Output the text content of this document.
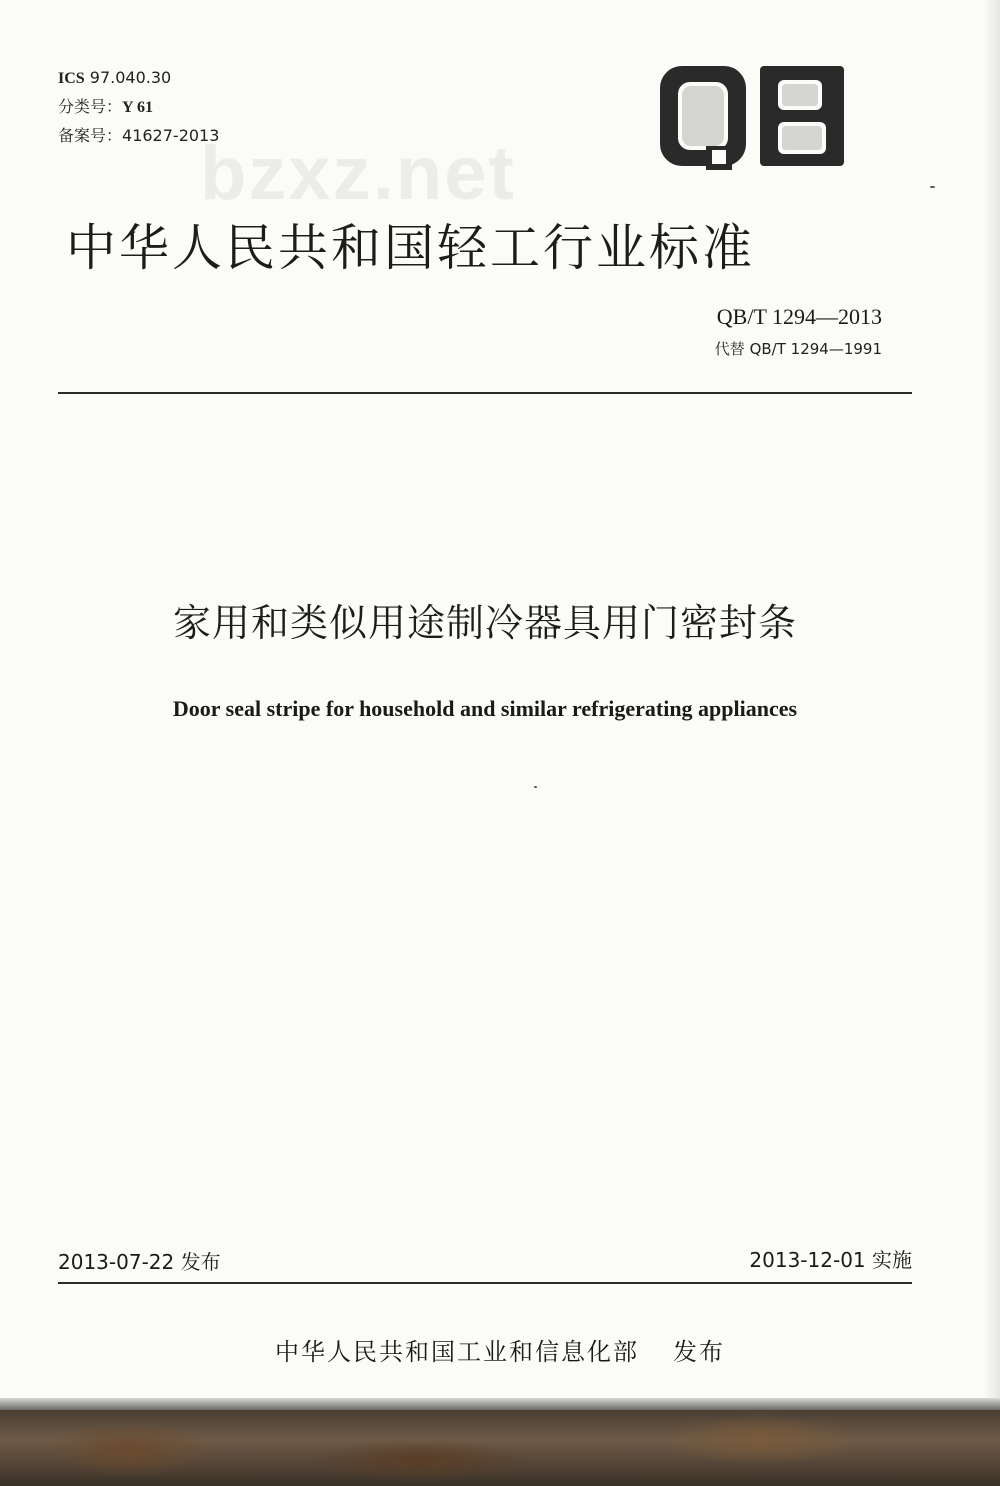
ICS 97.040.30
分类号：Y 61
备案号：41627-2013
bzxz.net
中华人民共和国轻工行业标准
QB/T 1294—2013
代替 QB/T 1294—1991
家用和类似用途制冷器具用门密封条
Door seal stripe for household and similar refrigerating appliances
2013-07-22 发布	2013-12-01 实施
中华人民共和国工业和信息化部 发布
